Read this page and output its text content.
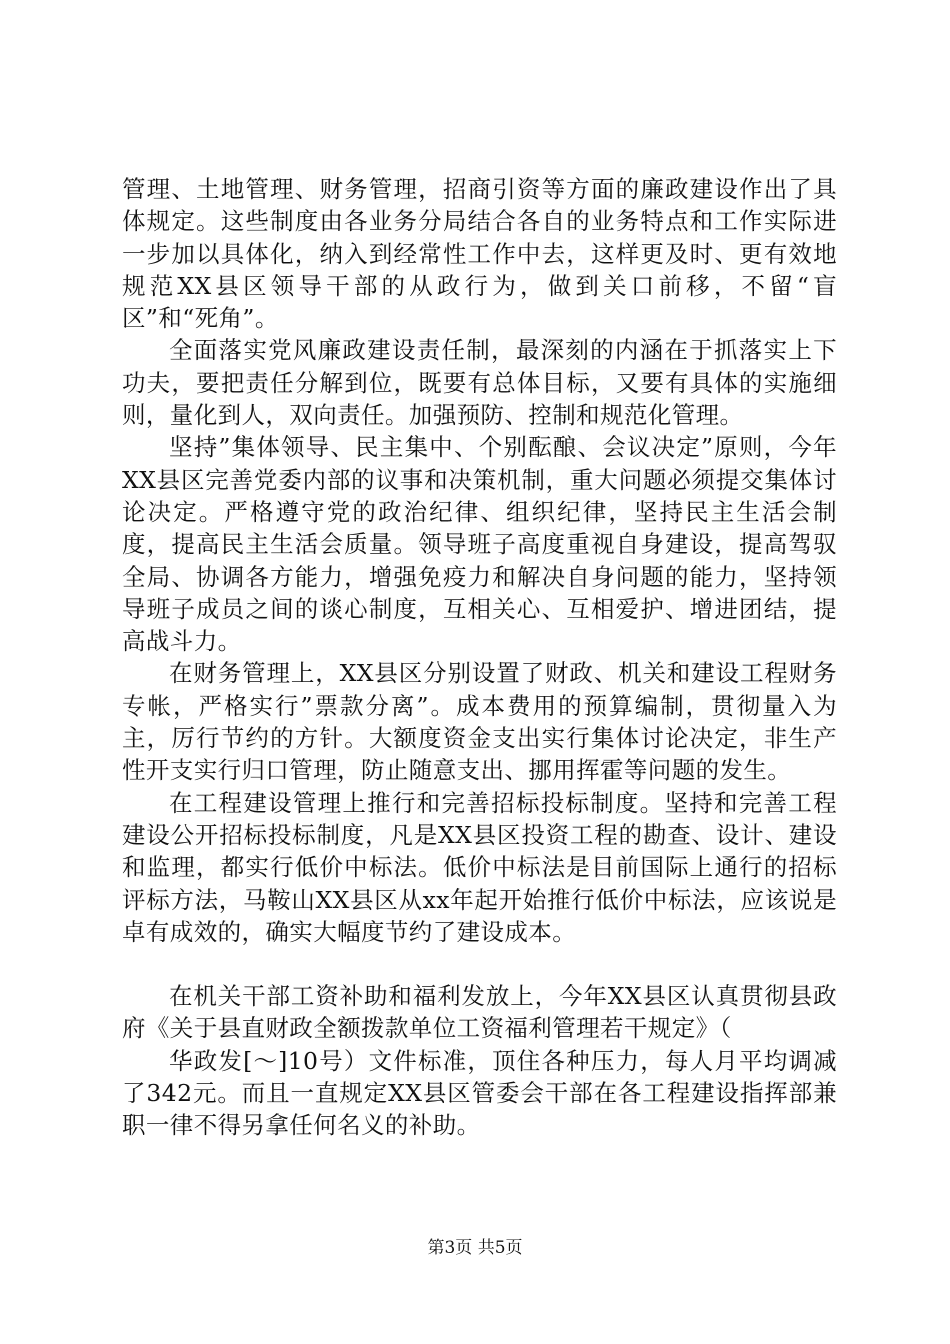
管理、土地管理、财务管理，招商引资等方面的廉政建设作出了具体规定。这些制度由各业务分局结合各自的业务特点和工作实际进一步加以具体化，纳入到经常性工作中去，这样更及时、更有效地规范XX县区领导干部的从政行为，做到关口前移，不留“盲区”和“死角”。

全面落实党风廉政建设责任制，最深刻的内涵在于抓落实上下功夫，要把责任分解到位，既要有总体目标，又要有具体的实施细则，量化到人，双向责任。加强预防、控制和规范化管理。

坚持”集体领导、民主集中、个别酝酿、会议决定”原则，今年XX县区完善党委内部的议事和决策机制，重大问题必须提交集体讨论决定。严格遵守党的政治纪律、组织纪律，坚持民主生活会制度，提高民主生活会质量。领导班子高度重视自身建设，提高驾驭全局、协调各方能力，增强免疫力和解决自身问题的能力，坚持领导班子成员之间的谈心制度，互相关心、互相爱护、增进团结，提高战斗力。

在财务管理上，XX县区分别设置了财政、机关和建设工程财务专帐，严格实行”票款分离”。成本费用的预算编制，贯彻量入为主，厉行节约的方针。大额度资金支出实行集体讨论决定，非生产性开支实行归口管理，防止随意支出、挪用挥霍等问题的发生。

在工程建设管理上推行和完善招标投标制度。坚持和完善工程建设公开招标投标制度，凡是XX县区投资工程的勘查、设计、建设和监理，都实行低价中标法。低价中标法是目前国际上通行的招标评标方法，马鞍山XX县区从xx年起开始推行低价中标法，应该说是卓有成效的，确实大幅度节约了建设成本。

在机关干部工资补助和福利发放上，今年XX县区认真贯彻县政府《关于县直财政全额拨款单位工资福利管理若干规定》（

华政发[～]10号）文件标准，顶住各种压力，每人月平均调减了342元。而且一直规定XX县区管委会干部在各工程建设指挥部兼职一律不得另拿任何名义的补助。

第3页 共5页
